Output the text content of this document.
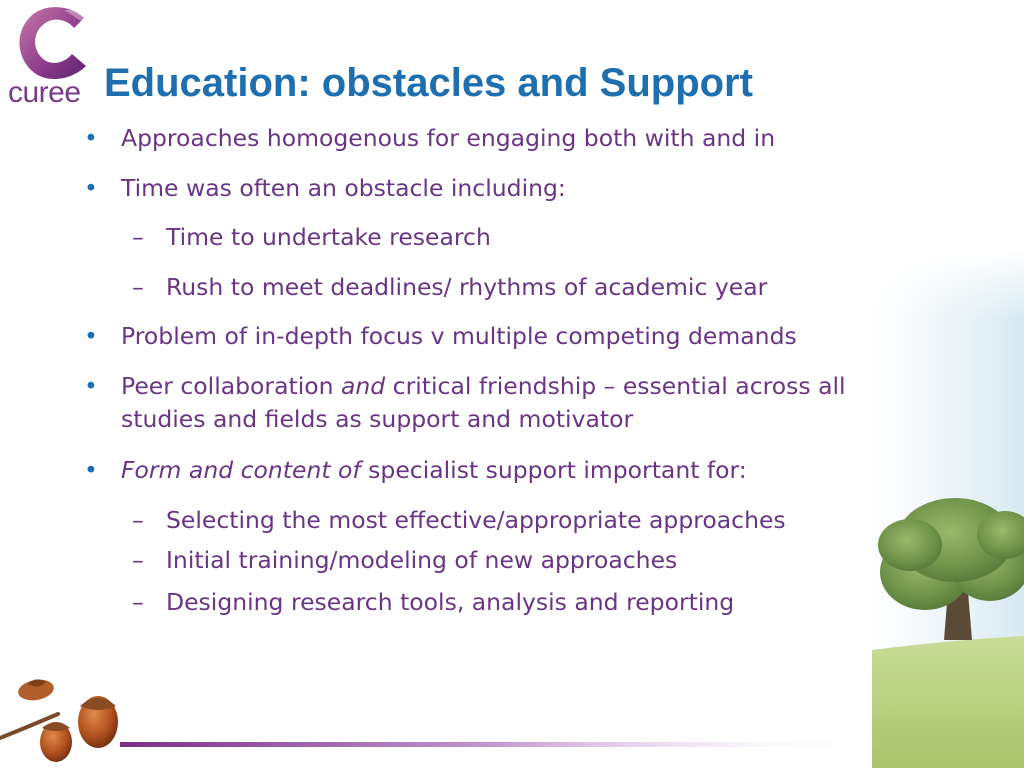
curee Education: obstacles and Support

• Approaches homogenous for engaging both with and in

• Time was often an obstacle including:

– Time to undertake research

– Rush to meet deadlines/ rhythms of academic year

• Problem of in-depth focus v multiple competing demands

• Peer collaboration and critical friendship – essential across all

studies and fields as support and motivator

• Form and content of specialist support important for:

– Selecting the most effective/appropriate approaches

– Initial training/modeling of new approaches

– Designing research tools, analysis and reporting
